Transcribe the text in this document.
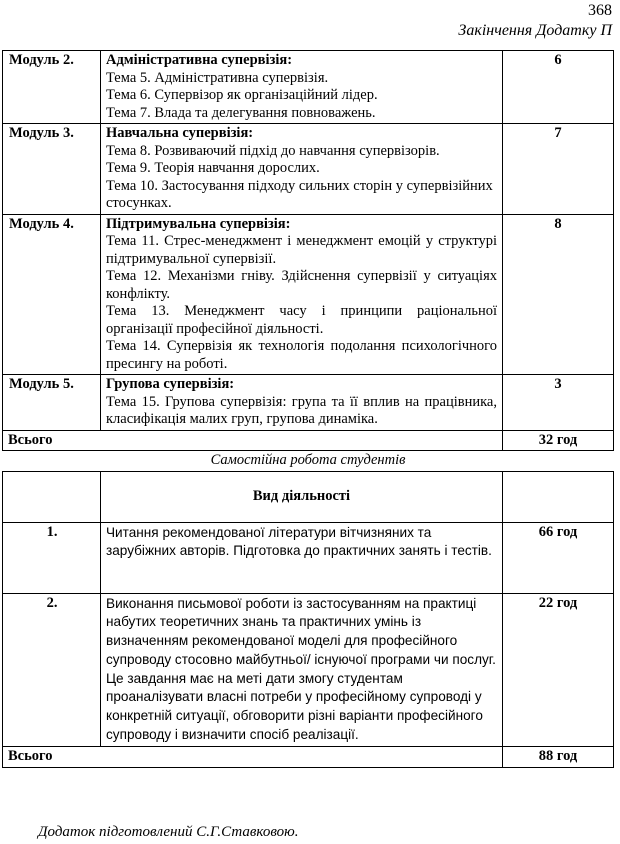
368
Закінчення Додатку П
Модуль 2.	Адміністративна супервізія:
Тема 5. Адміністративна супервізія.
Тема 6. Супервізор як організаційний лідер.
Тема 7. Влада та делегування повноважень.	6
Модуль 3.	Навчальна супервізія:
Тема 8. Розвиваючий підхід до навчання супервізорів.
Тема 9. Теорія навчання дорослих.
Тема 10. Застосування підходу сильних сторін у супервізійних стосунках.	7
Модуль 4.	Підтримувальна супервізія:
Тема 11. Стрес-менеджмент і менеджмент емоцій у структурі підтримувальної супервізії.
Тема 12. Механізми гніву. Здійснення супервізії у ситуаціях конфлікту.
Тема 13. Менеджмент часу і принципи раціональної організації професійної діяльності.
Тема 14. Супервізія як технологія подолання психологічного пресингу на роботі.	8
Модуль 5.	Групова супервізія:
Тема 15. Групова супервізія: група та її вплив на працівника, класифікація малих груп, групова динаміка.	3
Всього		32 год
Самостійна робота студентів		
	Вид діяльності	
1.	Читання рекомендованої літератури вітчизняних та зарубіжних авторів. Підготовка до практичних занять і тестів.	66 год
2.	Виконання письмової роботи із застосуванням на практиці набутих теоретичних знань та практичних умінь із визначенням рекомендованої моделі для професійного супроводу стосовно майбутньої/ існуючої програми чи послуг. Це завдання має на меті дати змогу студентам проаналізувати власні потреби у професійному супроводі у конкретній ситуації, обговорити різні варіанти професійного супроводу і визначити спосіб реалізації.	22 год
Всього		88 год
Додаток підготовлений С.Г.Ставковою.
